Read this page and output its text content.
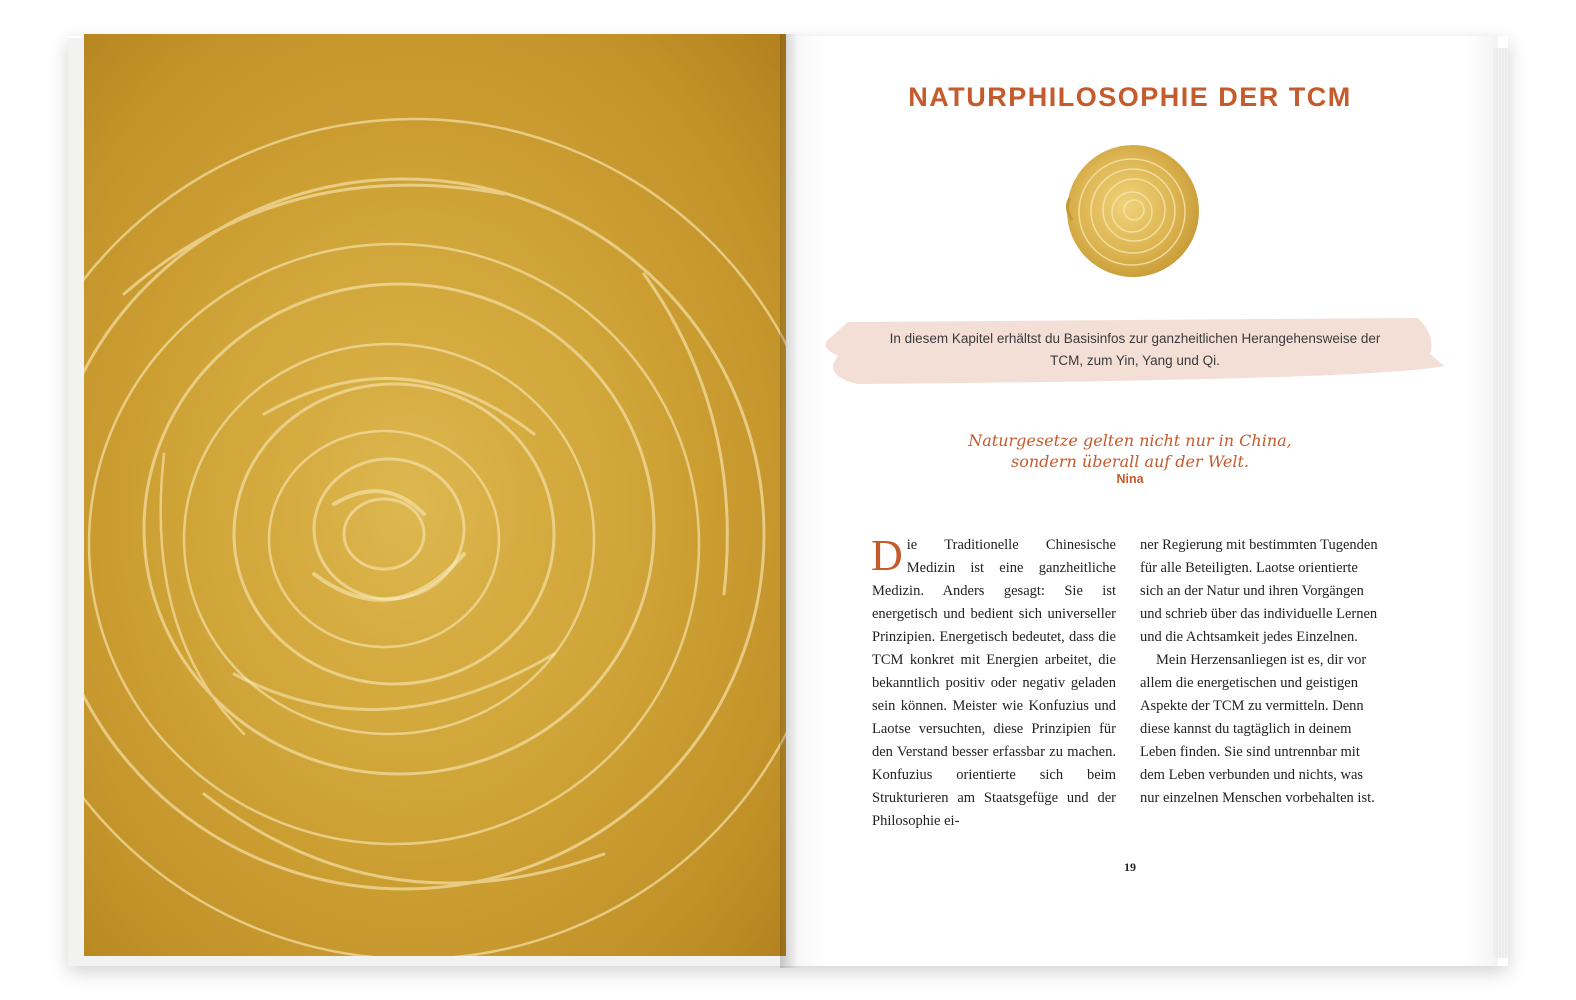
NATURPHILOSOPHIE DER TCM
In diesem Kapitel erhältst du Basisinfos zur ganzheitlichen Herangehensweise der TCM, zum Yin, Yang und Qi.
Naturgesetze gelten nicht nur in China,
sondern überall auf der Welt.
Nina

Die Traditionelle Chinesische Medizin ist eine ganzheitliche Medizin. Anders gesagt: Sie ist energetisch und bedient sich universeller Prinzipien. Energetisch bedeutet, dass die TCM konkret mit Energien arbeitet, die bekanntlich positiv oder negativ geladen sein können. Meister wie Konfuzius und Laotse versuchten, diese Prinzipien für den Verstand besser erfassbar zu machen. Konfuzius orientierte sich beim Strukturieren am Staatsgefüge und der Philosophie ei-

ner Regierung mit bestimmten Tugenden für alle Beteiligten. Laotse orientierte sich an der Natur und ihren Vorgängen und schrieb über das individuelle Lernen und die Achtsamkeit jedes Einzelnen.

Mein Herzensanliegen ist es, dir vor allem die energetischen und geistigen Aspekte der TCM zu vermitteln. Denn diese kannst du tagtäglich in deinem Leben finden. Sie sind untrennbar mit dem Leben verbunden und nichts, was nur einzelnen Menschen vorbehalten ist.

19
